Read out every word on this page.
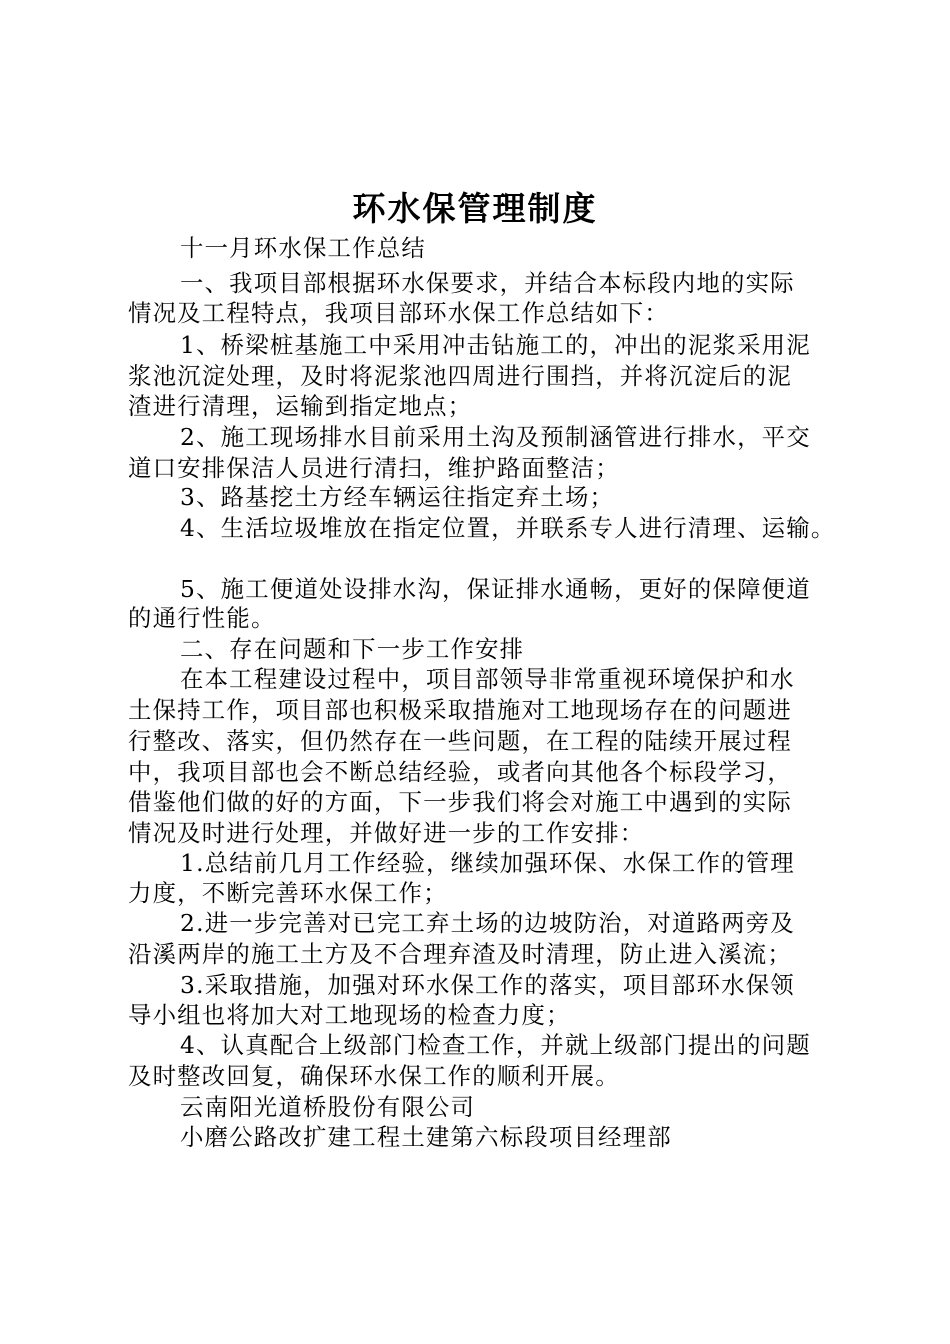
环水保管理制度
十一月环水保工作总结
一、我项目部根据环水保要求，并结合本标段内地的实际
情况及工程特点，我项目部环水保工作总结如下：
1、桥梁桩基施工中采用冲击钻施工的，冲出的泥浆采用泥
浆池沉淀处理，及时将泥浆池四周进行围挡，并将沉淀后的泥
渣进行清理，运输到指定地点；
2、施工现场排水目前采用土沟及预制涵管进行排水，平交
道口安排保洁人员进行清扫，维护路面整洁；
3、路基挖土方经车辆运往指定弃土场；
4、生活垃圾堆放在指定位置，并联系专人进行清理、运输。
5、施工便道处设排水沟，保证排水通畅，更好的保障便道
的通行性能。
二、存在问题和下一步工作安排
在本工程建设过程中，项目部领导非常重视环境保护和水
土保持工作，项目部也积极采取措施对工地现场存在的问题进
行整改、落实，但仍然存在一些问题，在工程的陆续开展过程
中，我项目部也会不断总结经验，或者向其他各个标段学习，
借鉴他们做的好的方面，下一步我们将会对施工中遇到的实际
情况及时进行处理，并做好进一步的工作安排：
1.总结前几月工作经验，继续加强环保、水保工作的管理
力度，不断完善环水保工作；
2.进一步完善对已完工弃土场的边坡防治，对道路两旁及
沿溪两岸的施工土方及不合理弃渣及时清理，防止进入溪流；
3.采取措施，加强对环水保工作的落实，项目部环水保领
导小组也将加大对工地现场的检查力度；
4、认真配合上级部门检查工作，并就上级部门提出的问题
及时整改回复，确保环水保工作的顺利开展。
云南阳光道桥股份有限公司
小磨公路改扩建工程土建第六标段项目经理部
